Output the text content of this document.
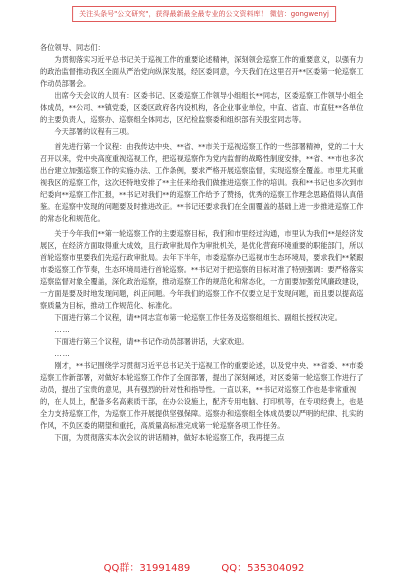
关注头条号"公文研究"，获得最新最全最专业的公文资料库！ 微信：gongwenyj

各位领导、同志们：

为贯彻落实习近平总书记关于巡视工作的重要论述精神，深刻领会巡察工作的重要意义，以强有力的政治监督推动我区全面从严治党向纵深发展，经区委同意，今天我们在这里召开**区委第一轮巡察工作动员部署会。

出席今天会议的人员有：区委书记、区委巡察工作领导小组组长**同志，区委巡察工作领导小组全体成员，**公司、**镇党委，区委区政府各内设机构，各企业事业单位，中直、省直、市直驻**各单位的主要负责人，巡察办、巡察组全体同志，区纪检监察委和组织部有关股室同志等。

今天部署的议程有三项。

首先进行第一个议程：由我传达中央、**省、**市关于巡视巡察工作的一些部署精神，党的二十大召开以来，党中央高度重视巡视工作，把巡视巡察作为党内监督的战略性制度安排，**省、**市也多次出台建立加强巡察工作的实施办法、工作条例，要求严格开展巡察监督，实现巡察全覆盖。市里尤其重视我区的巡察工作，这次还特地安排了**主任来给我们做推进巡察工作的培训。我和**书记也多次到市纪委向**巡察工作汇报，**书记对我们**的巡察工作给予了赞扬，优秀的巡察工作理念思路值得认真借鉴。在巡察中发现的问题要及时推进改正。**书记还要求我们在全面覆盖的基础上进一步推进巡察工作的常态化和规范化。

关于今年我们**第一轮巡察工作的主要巡察目标，我们和市里经过沟通，市里认为我们**是经济发展区，在经济方面取得重大成效，且行政审批局作为审批机关，是优化营商环境重要的职能部门，所以首轮巡察市里要我们先巡行政审批局。去年下半年，市委巡察办已巡视市生态环境局，要求我们**紧跟市委巡察工作节奏，生态环境局进行首轮巡察。**书记对于把巡察的目标对准了特别强调：要严格落实巡察监督对象全覆盖，深化政治巡察，推动巡察工作的规范化和常态化，一方面要加强党风廉政建设，一方面是要及时地发现问题，纠正问题。今年我们的巡察工作不仅要立足于发现问题，而且要以提高巡察质量为目标，推动工作规范化、标准化。

下面进行第二个议程，请**同志宣布第一轮巡察工作任务及巡察组组长、副组长授权决定。

……

下面进行第三个议程，请**书记作动员部署讲话，大家欢迎。

……

刚才，**书记围绕学习贯彻习近平总书记关于巡视工作的重要论述，以及党中央、**省委、**市委巡察工作新部署，对做好本轮巡察工作作了全面部署，提出了深刻阐述，对区委第一轮巡察工作进行了动员，提出了宝贵的意见，具有强烈的针对性和指导性。一直以来，**书记对巡察工作也是非常重视的，在人员上，配备多名高素质干部，在办公设施上，配齐专用电脑、打印机等，在专项经费上，也是全力支持巡察工作，为巡察工作开展提供坚强保障。巡察办和巡察组全体成员要以严明的纪律、扎实的作风，不负区委的期望和重托，高质量高标准完成第一轮巡察各项工作任务。

下面，为贯彻落实本次会议的讲话精神，做好本轮巡察工作，我再提三点

QQ群：31991489	QQ：535304092
